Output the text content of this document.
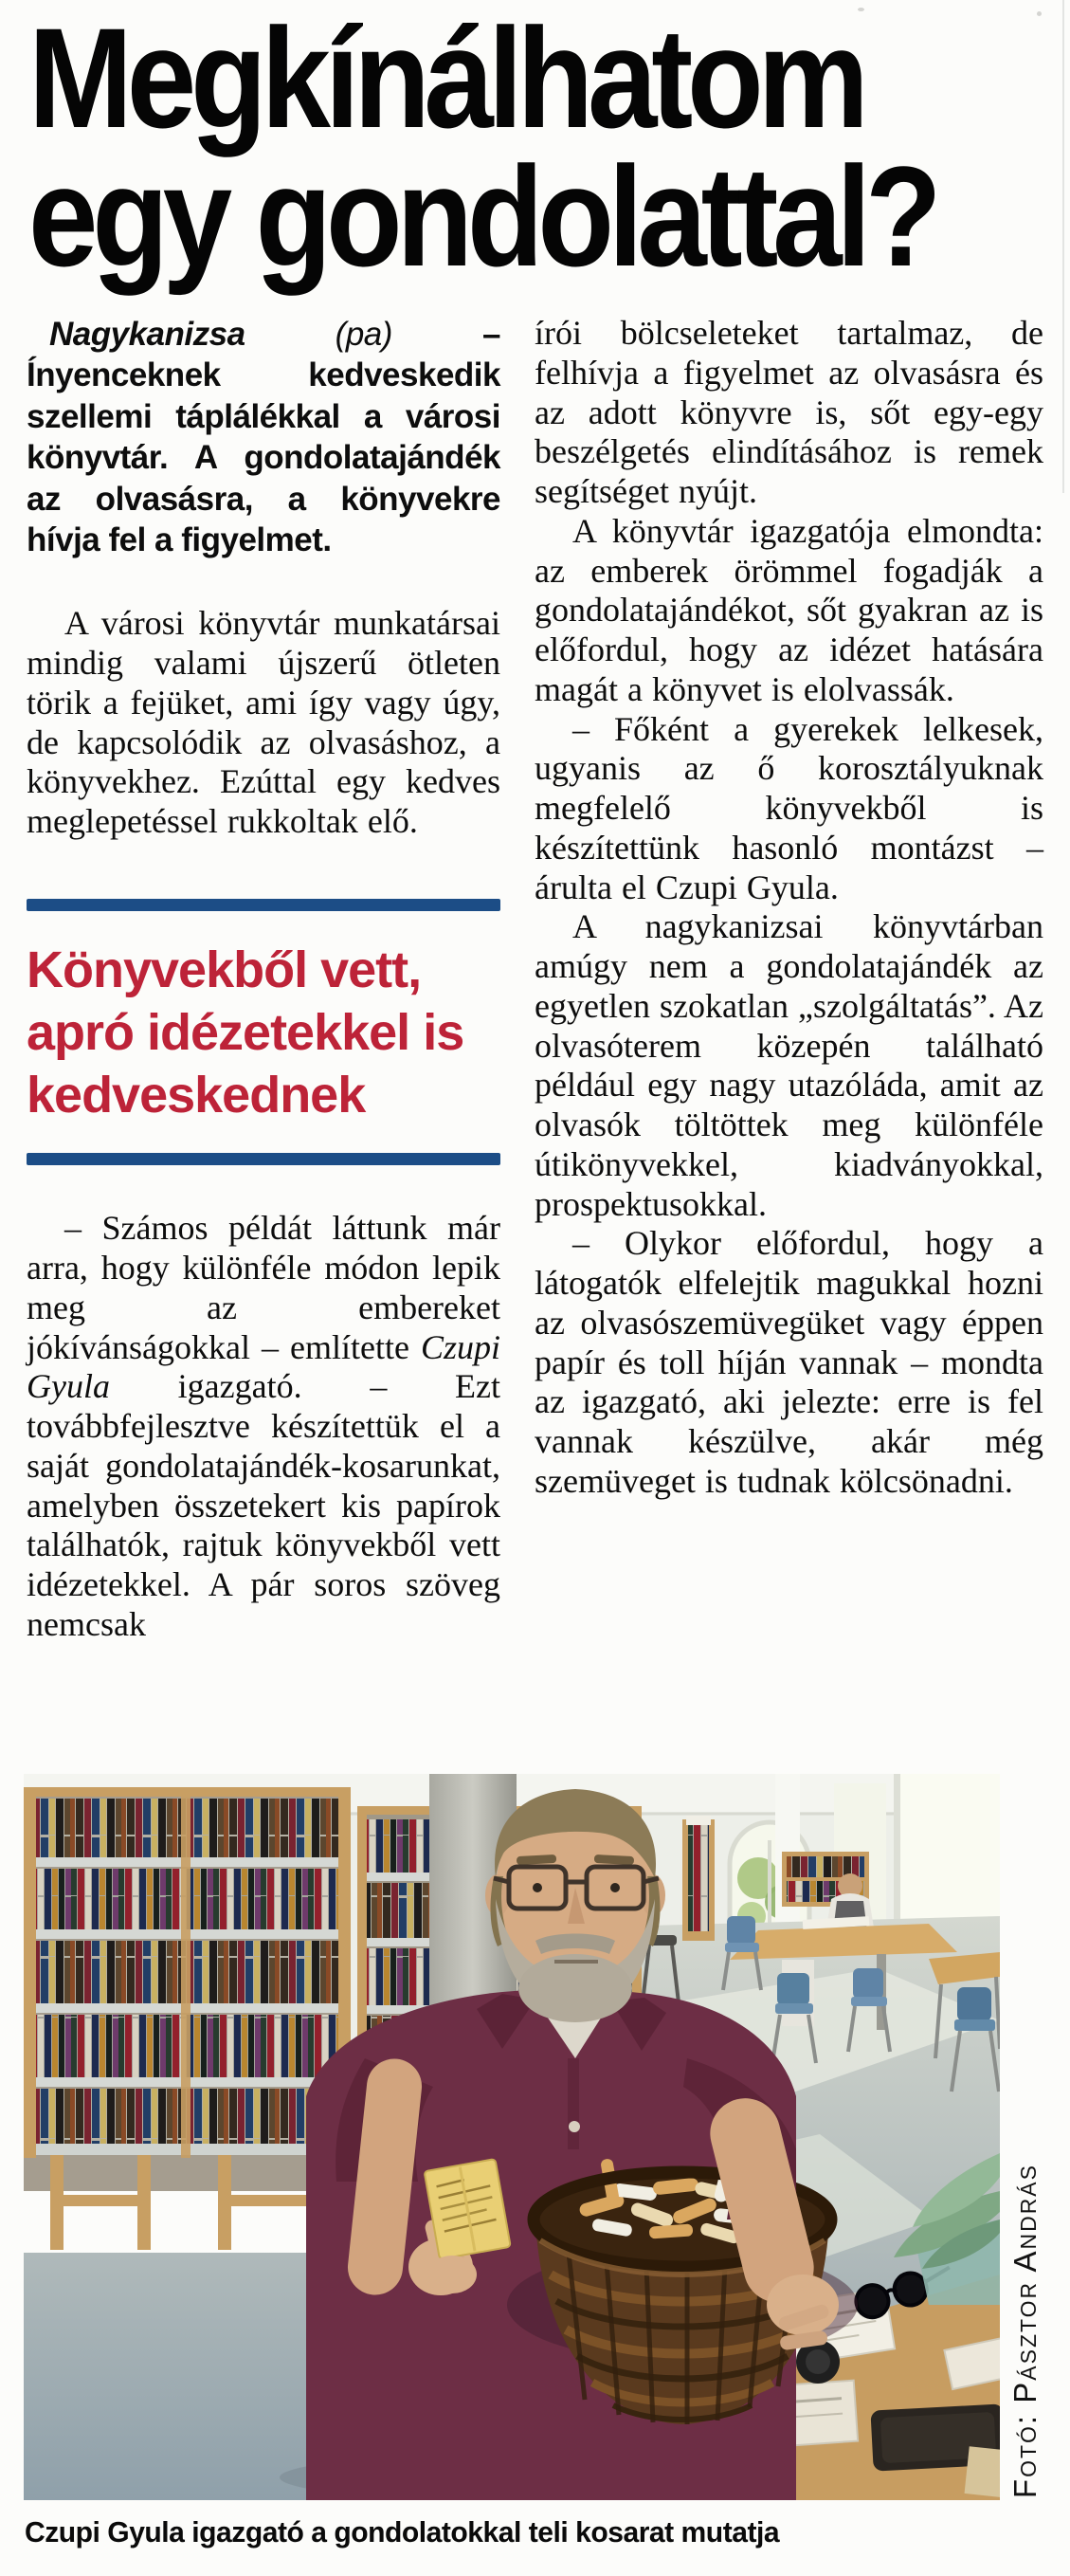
Megkínálhatom
egy gondolattal?

Nagykanizsa (pa) – Ínyenceknek kedveskedik szellemi táplálékkal a városi könyvtár. A gondolatajándék az olvasásra, a könyvekre hívja fel a figyelmet.

A városi könyvtár munkatársai mindig valami újszerű ötleten törik a fejüket, ami így vagy úgy, de kapcsolódik az olvasáshoz, a könyvekhez. Ezúttal egy kedves meglepetéssel rukkoltak elő.

Könyvekből vett, apró idézetekkel is kedveskednek

– Számos példát láttunk már arra, hogy különféle módon lepik meg az embereket jókívánságokkal – említette Czupi Gyula igazgató. – Ezt továbbfejlesztve készítettük el a saját gondolatajándék-kosarunkat, amelyben összetekert kis papírok találhatók, rajtuk könyvekből vett idézetekkel. A pár soros szöveg nemcsak

írói bölcseleteket tartalmaz, de felhívja a figyelmet az olvasásra és az adott könyvre is, sőt egy-egy beszélgetés elindításához is remek segítséget nyújt.

A könyvtár igazgatója elmondta: az emberek örömmel fogadják a gondolatajándékot, sőt gyakran az is előfordul, hogy az idézet hatására magát a könyvet is elolvassák.

– Főként a gyerekek lelkesek, ugyanis az ő korosztályuknak megfelelő könyvekből is készítettünk hasonló montázst – árulta el Czupi Gyula.

A nagykanizsai könyvtárban amúgy nem a gondolatajándék az egyetlen szokatlan „szolgáltatás”. Az olvasóterem közepén található például egy nagy utazóláda, amit az olvasók töltöttek meg különféle útikönyvekkel, kiadványokkal, prospektusokkal.

– Olykor előfordul, hogy a látogatók elfelejtik magukkal hozni az olvasószemüvegüket vagy éppen papír és toll híján vannak – mondta az igazgató, aki jelezte: erre is fel vannak készülve, akár még szemüveget is tudnak kölcsönadni.

Fotó: Pásztor András

Czupi Gyula igazgató a gondolatokkal teli kosarat mutatja
